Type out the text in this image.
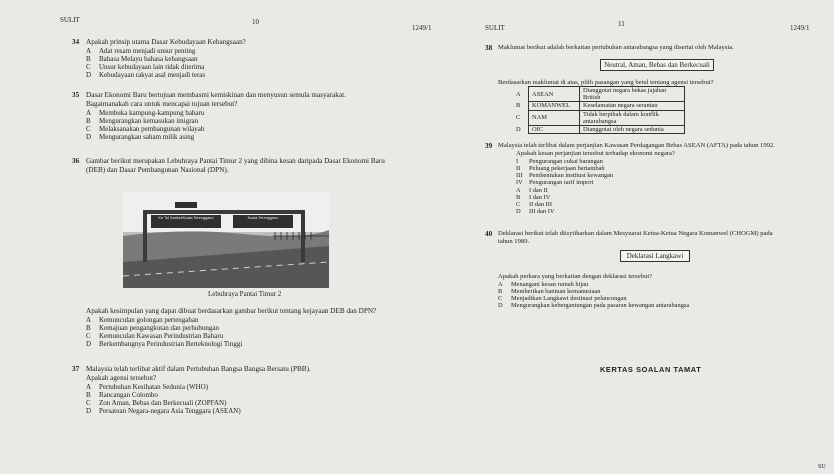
SULIT	10
1249/1	SULIT	11	1249/1
34 Apakah prinsip utama Dasar Kebudayaan Kebangsaan?
A Adat resam menjadi unsur penting
B Bahasa Melayu bahasa kebangsaan
C Unsur kebudayaan lain tidak diterima
D Kebudayaan rakyat asal menjadi teras
35 Dasar Ekonomi Baru bertujuan membasmi kemiskinan dan menyusun semula masyarakat.
Bagaimanakah cara untuk mencapai tujuan tersebut?
A Membuka kampung-kampung baharu
B Mengurangkan kemasukan imigran
C Melaksanakan pembangunan wilayah
D Mengurangkan saham milik asing
36 Gambar berikut merupakan Lebuhraya Pantai Timur 2 yang dibina kesan daripada Dasar Ekonomi Baru
(DEB) dan Dasar Pembangunan Nasional (DPN).
Ke Tol Sarikei/Kuala Terengganu	Kuala Terengganu
Lebuhraya Pantai Timur 2
Apakah kesimpulan yang dapat dibuat berdasarkan gambar berikut tentang kejayaan DEB dan DPN?
A Kemunculan golongan pertengahan
B Kemajuan pengangkutan dan perhubungan
C Kemunculan Kawasan Perindustrian Baharu
D Berkembangnya Perindustrian Berteknologi Tinggi
37 Malaysia telah terlibat aktif dalam Pertubuhan Bangsa Bangsa Bersatu (PBB).
Apakah agensi tersebut?
A Pertubuhan Kesihatan Sedunia (WHO)
B Rancangan Colombo
C Zon Aman, Bebas dan Berkecuali (ZOPFAN)
D Persatuan Negara-negara Asia Tenggara (ASEAN)
38 Maklumat berikut adalah berkaitan pertubuhan antarabangsa yang disertai oleh Malaysia.
Neutral, Aman, Bebas dan Berkecuali
Berdasarkan maklumat di atas, pilih pasangan yang betul tentang agensi tersebut?
A	ASEAN	Dianggotai negara bekas jajahan British
B	KOMANWEL	Keselamatan negara serantau
C	NAM	Tidak berpihak dalam konflik antarabangsa
D	OIC	Dianggotai oleh negara sedunia
39 Malaysia telah terlibat dalam perjanjian Kawasan Perdagangan Bebas ASEAN (AFTA) pada tahun 1992.
Apakah kesan perjanjian tersebut terhadap ekonomi negara?
I Pengurangan cukai barangan
II Peluang pekerjaan bertambah
III Pembentukan institusi kewangan
IV Pengurangan tarif import
A I dan II
B I dan IV
C II dan III
D III dan IV
40 Deklarasi berikut telah diisytiharkan dalam Mesyuarat Ketua-Ketua Negara Komanwel (CHOGM) pada
tahun 1989.
Deklarasi Langkawi
Apakah perkara yang berkaitan dengan deklarasi tersebut?
A Menangani kesan rumah hijau
B Memberikan bantuan kemanusiaan
C Menjadikan Langkawi destinasi pelancongan
D Mengurangkan kebergantungan pada pasaran kewangan antarabangsa
KERTAS SOALAN TAMAT
SU
